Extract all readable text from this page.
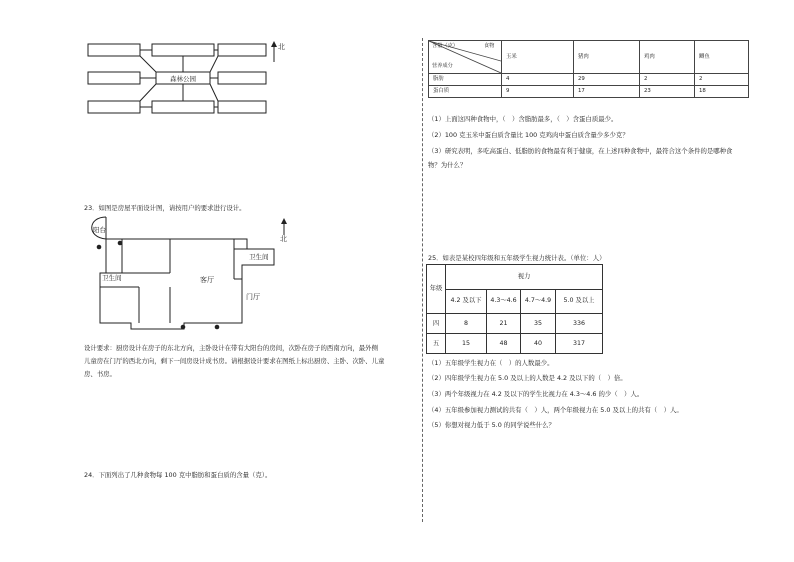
森林公园
北
23．如图是房屋平面设计图，请按用户的要求进行设计。
北
阳台
卫生间
卫生间
客厅
门厅
设计要求：厨房设计在房子的东北方向，主卧设计在带有大阳台的房间，次卧在房子的西南方向，最外侧
儿童房在门厅的西北方向，剩下一间房设计成书房。请根据设计要求在图纸上标出厨房、主卧、次卧、儿童
房、书房。
24．下面列出了几种食物每 100 克中脂肪和蛋白质的含量（克）。
含量（克） 食物
营养成分	玉米	猪肉	鸡肉	鲫鱼
脂肪	4	29	2	2
蛋白质	9	17	23	18
（1）上面这四种食物中，（　）含脂肪最多，（　）含蛋白质最少。
（2）100 克玉米中蛋白质含量比 100 克鸡肉中蛋白质含量少多少克？
（3）研究表明，多吃高蛋白、低脂肪的食物最有利于健康，在上述四种食物中，最符合这个条件的是哪种食
物？为什么？
25．如表是某校四年级和五年级学生视力统计表。（单位：人）
年级	视力			
	4.2 及以下	4.3～4.6	4.7～4.9	5.0 及以上
四	8	21	35	336
五	15	48	40	317
（1）五年级学生视力在（　）的人数最少。
（2）四年级学生视力在 5.0 及以上的人数是 4.2 及以下的（　）倍。
（3）两个年级视力在 4.2 及以下的学生比视力在 4.3～4.6 的少（　）人。
（4）五年级参加视力测试的共有（　）人，两个年级视力在 5.0 及以上的共有（　）人。
（5）你想对视力低于 5.0 的同学说些什么？
